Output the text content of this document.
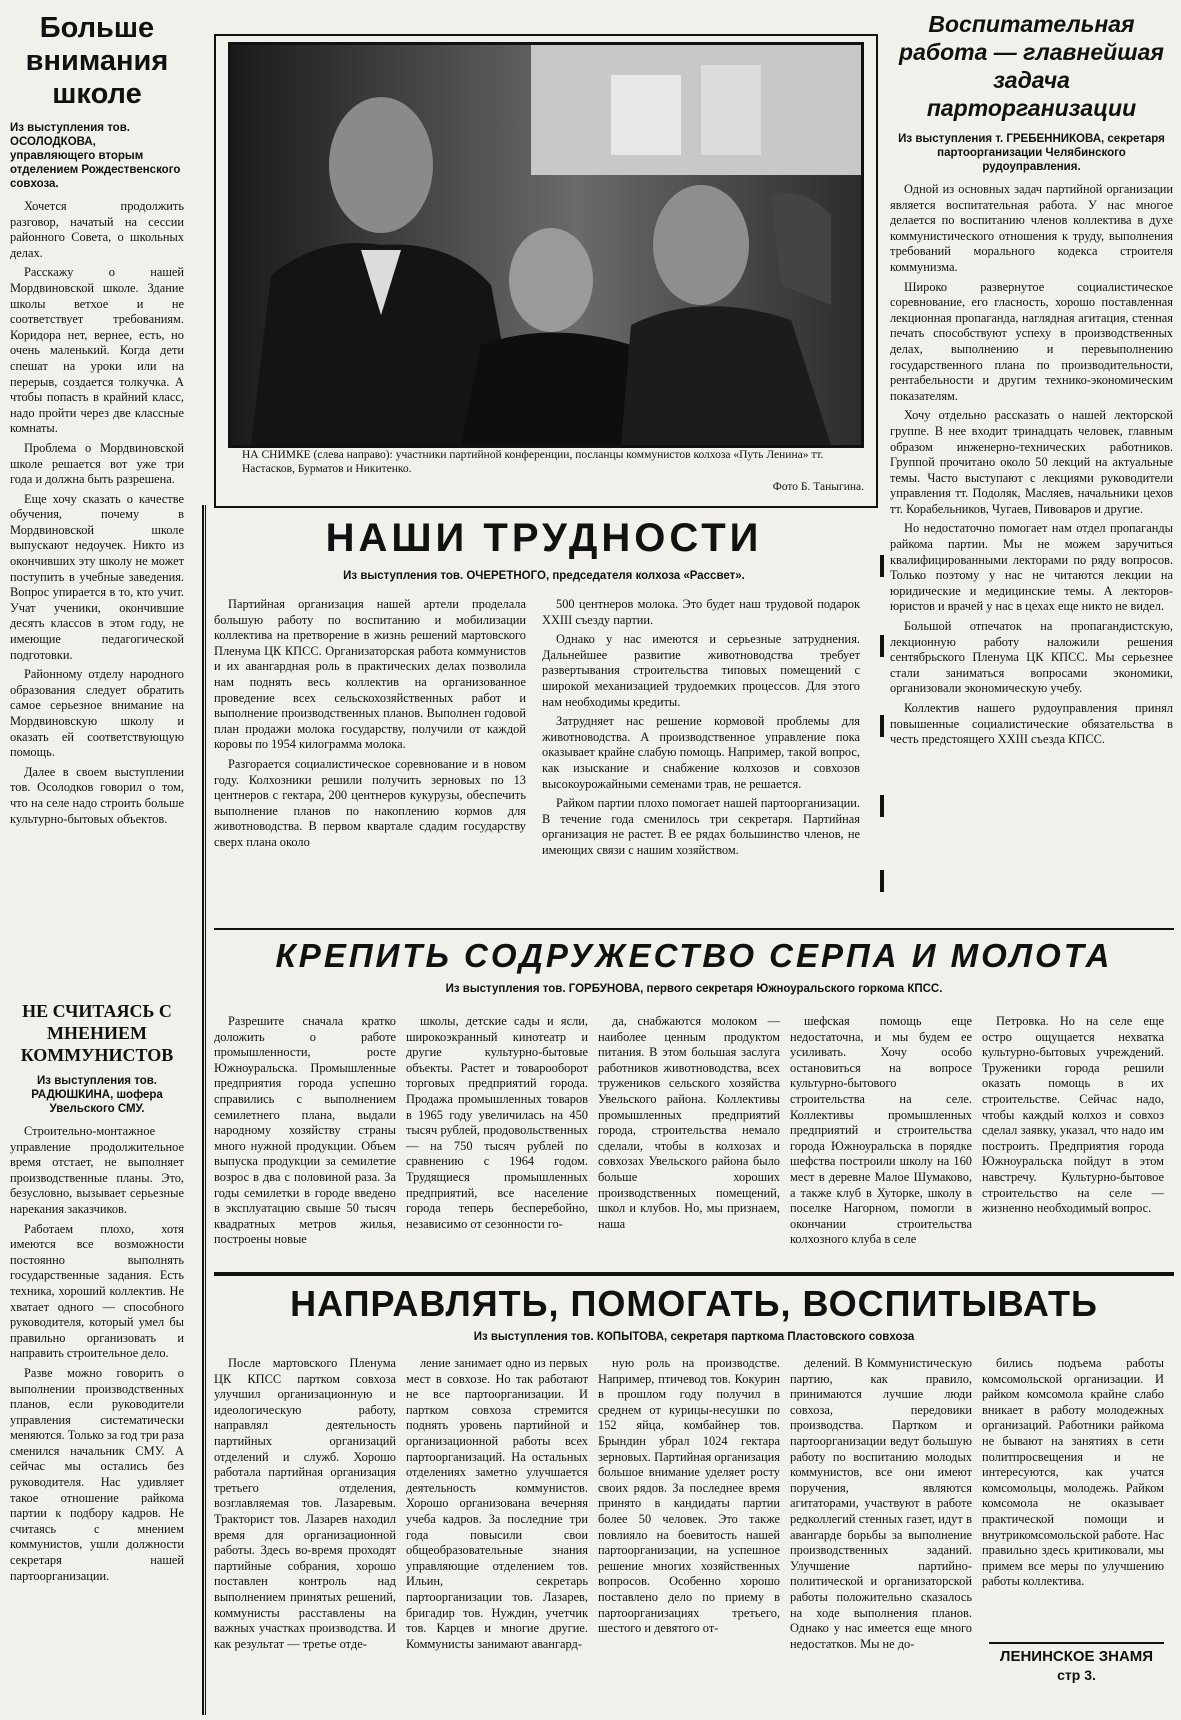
Больше внимания школе
Из выступления тов. ОСОЛОДКОВА, управляющего вторым отделением Рождественского совхоза.

Хочется продолжить разговор, начатый на сессии районного Совета, о школьных делах.

Расскажу о нашей Мордвиновской школе. Здание школы ветхое и не соответствует требованиям. Коридора нет, вернее, есть, но очень маленький. Когда дети спешат на уроки или на перерыв, создается толкучка. А чтобы попасть в крайний класс, надо пройти через две классные комнаты.

Проблема о Мордвиновской школе решается вот уже три года и должна быть разрешена.

Еще хочу сказать о качестве обучения, почему в Мордвиновской школе выпускают недоучек. Никто из окончивших эту школу не может поступить в учебные заведения. Вопрос упирается в то, кто учит. Учат ученики, окончившие десять классов в этом году, не имеющие педагогической подготовки.

Районному отделу народного образования следует обратить самое серьезное внимание на Мордвиновскую школу и оказать ей соответствующую помощь.

Далее в своем выступлении тов. Осолодков говорил о том, что на селе надо строить больше культурно-бытовых объектов.

НЕ СЧИТАЯСЬ С МНЕНИЕМ КОММУНИСТОВ
Из выступления тов. РАДЮШКИНА, шофера Увельского СМУ.

Строительно-монтажное управление продолжительное время отстает, не выполняет производственные планы. Это, безусловно, вызывает серьезные нарекания заказчиков.

Работаем плохо, хотя имеются все возможности постоянно выполнять государственные задания. Есть техника, хороший коллектив. Не хватает одного — способного руководителя, который умел бы правильно организовать и направить строительное дело.

Разве можно говорить о выполнении производственных планов, если руководители управления систематически меняются. Только за год три раза сменился начальник СМУ. А сейчас мы остались без руководителя. Нас удивляет такое отношение райкома партии к подбору кадров. Не считаясь с мнением коммунистов, ушли должности секретаря нашей партоорганизации.

НА СНИМКЕ (слева направо): участники партийной конференции, посланцы коммунистов колхоза «Путь Ленина» тт. Настасков, Бурматов и Никитенко.
Фото Б. Таныгина.
Воспитательная работа — главнейшая задача парторганизации
Из выступления т. ГРЕБЕННИКОВА, секретаря партоорганизации Челябинского рудоуправления.

Одной из основных задач партийной организации является воспитательная работа. У нас многое делается по воспитанию членов коллектива в духе коммунистического отношения к труду, выполнения требований морального кодекса строителя коммунизма.

Широко развернутое социалистическое соревнование, его гласность, хорошо поставленная лекционная пропаганда, наглядная агитация, стенная печать способствуют успеху в производственных делах, выполнению и перевыполнению государственного плана по производительности, рентабельности и другим технико-экономическим показателям.

Хочу отдельно рассказать о нашей лекторской группе. В нее входит тринадцать человек, главным образом инженерно-технических работников. Группой прочитано около 50 лекций на актуальные темы. Часто выступают с лекциями руководители управления тт. Подоляк, Масляев, начальники цехов тт. Корабельников, Чугаев, Пивоваров и другие.

Но недостаточно помогает нам отдел пропаганды райкома партии. Мы не можем заручиться квалифицированными лекторами по ряду вопросов. Только поэтому у нас не читаются лекции на юридические и медицинские темы. А лекторов-юристов и врачей у нас в цехах еще никто не видел.

Большой отпечаток на пропагандистскую, лекционную работу наложили решения сентябрьского Пленума ЦК КПСС. Мы серьезнее стали заниматься вопросами экономики, организовали экономическую учебу.

Коллектив нашего рудоуправления принял повышенные социалистические обязательства в честь предстоящего XXIII съезда КПСС.

НАШИ ТРУДНОСТИ
Из выступления тов. ОЧЕРЕТНОГО, председателя колхоза «Рассвет».

Партийная организация нашей артели проделала большую работу по воспитанию и мобилизации коллектива на претворение в жизнь решений мартовского Пленума ЦК КПСС. Организаторская работа коммунистов и их авангардная роль в практических делах позволила нам поднять весь коллектив на организованное проведение всех сельскохозяйственных работ и выполнение производственных планов. Выполнен годовой план продажи молока государству, получили от каждой коровы по 1954 килограмма молока.

Разгорается социалистическое соревнование и в новом году. Колхозники решили получить зерновых по 13 центнеров с гектара, 200 центнеров кукурузы, обеспечить выполнение планов по накоплению кормов для животноводства. В первом квартале сдадим государству сверх плана около

500 центнеров молока. Это будет наш трудовой подарок XXIII съезду партии.

Однако у нас имеются и серьезные затруднения. Дальнейшее развитие животноводства требует развертывания строительства типовых помещений с широкой механизацией трудоемких процессов. Для этого нам необходимы кредиты.

Затрудняет нас решение кормовой проблемы для животноводства. А производственное управление пока оказывает крайне слабую помощь. Например, такой вопрос, как изыскание и снабжение колхозов и совхозов высокоурожайными семенами трав, не решается.

Райком партии плохо помогает нашей партоорганизации. В течение года сменилось три секретаря. Партийная организация не растет. В ее рядах большинство членов, не имеющих связи с нашим хозяйством.

КРЕПИТЬ СОДРУЖЕСТВО СЕРПА И МОЛОТА
Из выступления тов. ГОРБУНОВА, первого секретаря Южноуральского горкома КПСС.

Разрешите сначала кратко доложить о работе промышленности, росте Южноуральска. Промышленные предприятия города успешно справились с выполнением семилетнего плана, выдали народному хозяйству страны много нужной продукции. Объем выпуска продукции за семилетие возрос в два с половиной раза. За годы семилетки в городе введено в эксплуатацию свыше 50 тысяч квадратных метров жилья, построены новые

школы, детские сады и ясли, широкоэкранный кинотеатр и другие культурно-бытовые объекты. Растет и товарооборот торговых предприятий города. Продажа промышленных товаров в 1965 году увеличилась на 450 тысяч рублей, продовольственных — на 750 тысяч рублей по сравнению с 1964 годом. Трудящиеся промышленных предприятий, все население города теперь бесперебойно, независимо от сезонности го-

да, снабжаются молоком — наиболее ценным продуктом питания. В этом большая заслуга работников животноводства, всех тружеников сельского хозяйства Увельского района. Коллективы промышленных предприятий города, строительства немало сделали, чтобы в колхозах и совхозах Увельского района было больше хороших производственных помещений, школ и клубов. Но, мы признаем, наша

шефская помощь еще недостаточна, и мы будем ее усиливать. Хочу особо остановиться на вопросе культурно-бытового строительства на селе. Коллективы промышленных предприятий и строительства города Южноуральска в порядке шефства построили школу на 160 мест в деревне Малое Шумаково, а также клуб в Хуторке, школу в поселке Нагорном, помогли в окончании строительства колхозного клуба в селе

Петровка. Но на селе еще остро ощущается нехватка культурно-бытовых учреждений. Труженики города решили оказать помощь в их строительстве. Сейчас надо, чтобы каждый колхоз и совхоз сделал заявку, указал, что надо им построить. Предприятия города Южноуральска пойдут в этом навстречу. Культурно-бытовое строительство на селе — жизненно необходимый вопрос.

НАПРАВЛЯТЬ, ПОМОГАТЬ, ВОСПИТЫВАТЬ
Из выступления тов. КОПЫТОВА, секретаря парткома Пластовского совхоза

После мартовского Пленума ЦК КПСС партком совхоза улучшил организационную и идеологическую работу, направлял деятельность партийных организаций отделений и служб. Хорошо работала партийная организация третьего отделения, возглавляемая тов. Лазаревым. Тракторист тов. Лазарев находил время для организационной работы. Здесь во-время проходят партийные собрания, хорошо поставлен контроль над выполнением принятых решений, коммунисты расставлены на важных участках производства. И как результат — третье отде-

ление занимает одно из первых мест в совхозе. Но так работают не все партоорганизации. И партком совхоза стремится поднять уровень партийной и организационной работы всех партоорганизаций. На остальных отделениях заметно улучшается деятельность коммунистов. Хорошо организована вечерняя учеба кадров. За последние три года повысили свои общеобразовательные знания управляющие отделением тов. Ильин, секретарь партоорганизации тов. Лазарев, бригадир тов. Нуждин, учетчик тов. Карцев и многие другие. Коммунисты занимают авангард-

ную роль на производстве. Например, птичевод тов. Кокурин в прошлом году получил в среднем от курицы-несушки по 152 яйца, комбайнер тов. Брындин убрал 1024 гектара зерновых. Партийная организация большое внимание уделяет росту своих рядов. За последнее время принято в кандидаты партии более 50 человек. Это также повлияло на боевитость нашей партоорганизации, на успешное решение многих хозяйственных вопросов. Особенно хорошо поставлено дело по приему в партоорганизациях третьего, шестого и девятого от-

делений. В Коммунистическую партию, как правило, принимаются лучшие люди совхоза, передовики производства. Партком и партоорганизации ведут большую работу по воспитанию молодых коммунистов, все они имеют поручения, являются агитаторами, участвуют в работе редколлегий стенных газет, идут в авангарде борьбы за выполнение производственных заданий. Улучшение партийно-политической и организаторской работы положительно сказалось на ходе выполнения планов. Однако у нас имеется еще много недостатков. Мы не до-

бились подъема работы комсомольской организации. И райком комсомола крайне слабо вникает в работу молодежных организаций. Работники райкома не бывают на занятиях в сети политпросвещения и не интересуются, как учатся комсомольцы, молодежь. Райком комсомола не оказывает практической помощи и внутрикомсомольской работе. Нас правильно здесь критиковали, мы примем все меры по улучшению работы коллектива.

ЛЕНИНСКОЕ ЗНАМЯ
стр 3.
